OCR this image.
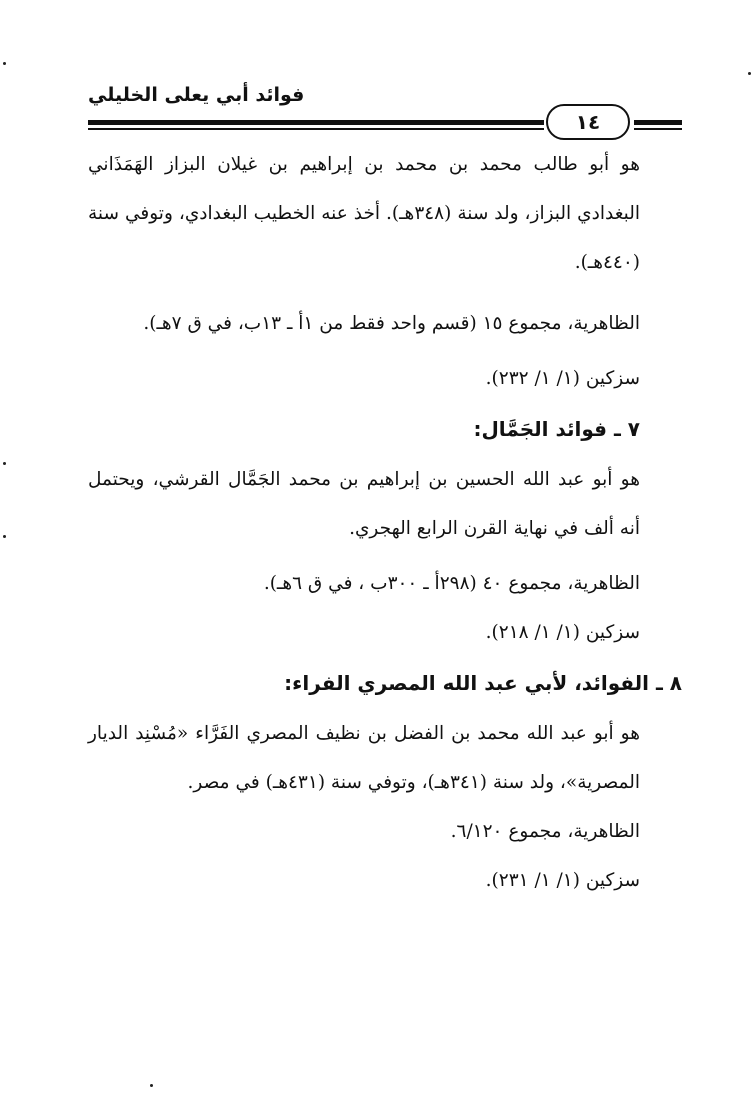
فوائد أبي يعلى الخليلي
١٤

هو أبو طالب محمد بن محمد بن إبراهيم بن غيلان البزاز الهَمَذَاني البغدادي البزاز، ولد سنة (٣٤٨هـ). أخذ عنه الخطيب البغدادي، وتوفي سنة (٤٤٠هـ).

الظاهرية، مجموع ١٥ (قسم واحد فقط من ١أ ـ ١٣ب، في ق ٧هـ).

سزكين (١/ ١/ ٢٣٢).

٧ ـ فوائد الجَمَّال:

هو أبو عبد الله الحسين بن إبراهيم بن محمد الجَمَّال القرشي، ويحتمل أنه ألف في نهاية القرن الرابع الهجري.

الظاهرية، مجموع ٤٠ (٢٩٨أ ـ ٣٠٠ب ، في ق ٦هـ).

سزكين (١/ ١/ ٢١٨).

٨ ـ الفوائد، لأبي عبد الله المصري الفراء:

هو أبو عبد الله محمد بن الفضل بن نظيف المصري الفَرَّاء «مُسْنِد الديار المصرية»، ولد سنة (٣٤١هـ)، وتوفي سنة (٤٣١هـ) في مصر.

الظاهرية، مجموع ٦/١٢٠.

سزكين (١/ ١/ ٢٣١).
